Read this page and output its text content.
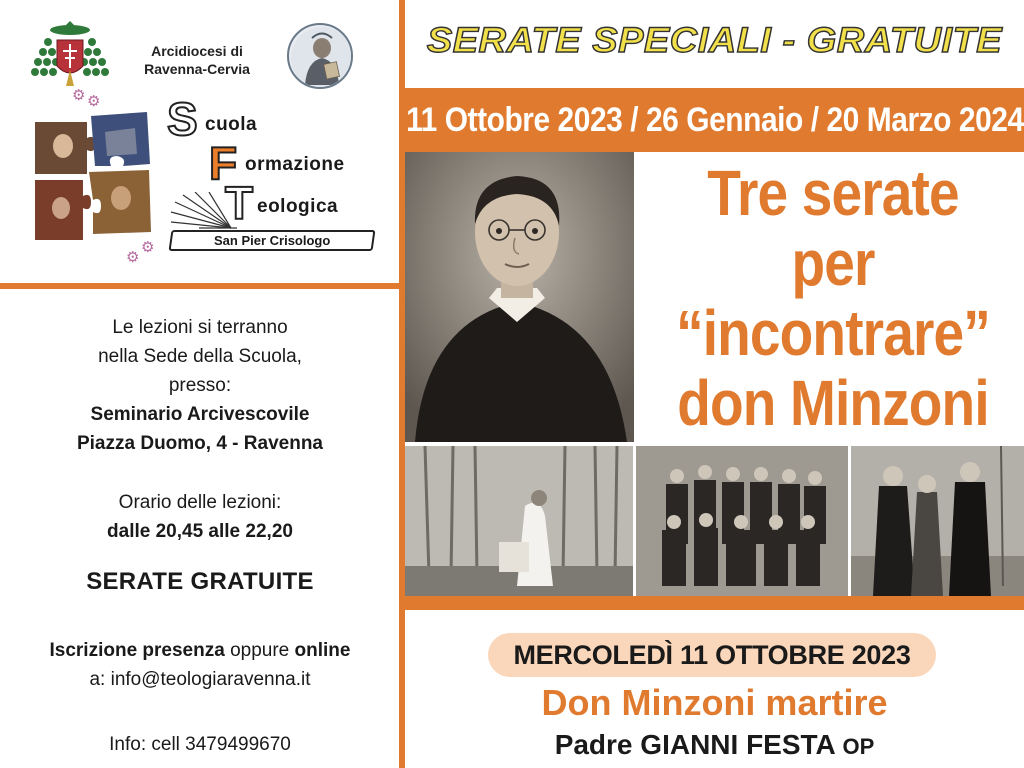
Arcidiocesi di
Ravenna-Cervia
⚙ ⚙
⚙
⚙
S cuola
F ormazione
T eologica
San Pier Crisologo
Le lezioni si terranno
nella Sede della Scuola,
presso:
Seminario Arcivescovile
Piazza Duomo, 4 - Ravenna
Orario delle lezioni:
dalle 20,45 alle 22,20
SERATE GRATUITE
Iscrizione presenza oppure online
a: info@teologiaravenna.it
Info: cell 3479499670
SERATE SPECIALI - GRATUITE
11 Ottobre 2023 / 26 Gennaio / 20 Marzo 2024
Tre serate
per
“incontrare”
don Minzoni
MERCOLEDÌ 11 OTTOBRE 2023
Don Minzoni martire
Padre GIANNI FESTA OP
